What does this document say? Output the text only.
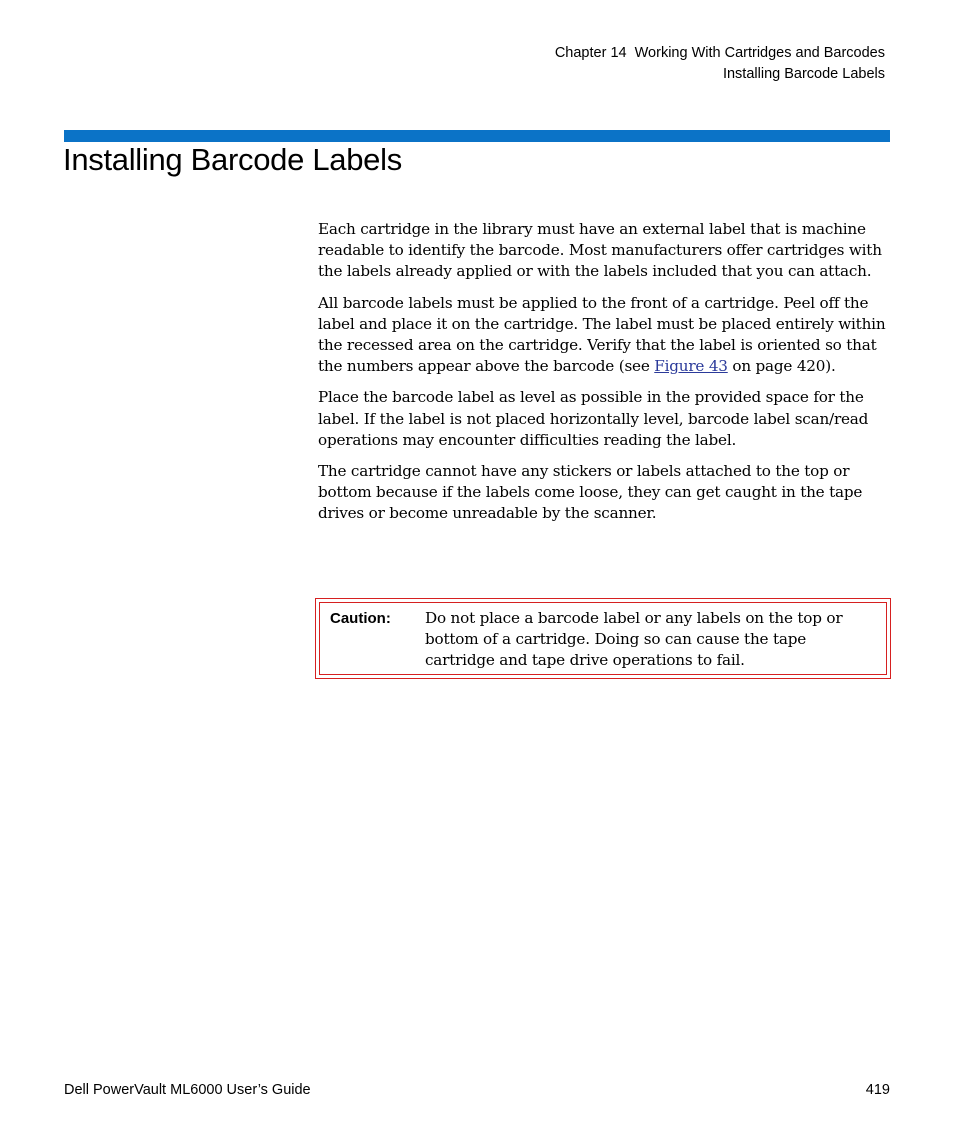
Chapter 14  Working With Cartridges and Barcodes
Installing Barcode Labels
Installing Barcode Labels

Each cartridge in the library must have an external label that is machine readable to identify the barcode. Most manufacturers offer cartridges with the labels already applied or with the labels included that you can attach.

All barcode labels must be applied to the front of a cartridge. Peel off the label and place it on the cartridge. The label must be placed entirely within the recessed area on the cartridge. Verify that the label is oriented so that the numbers appear above the barcode (see Figure 43 on page 420).

Place the barcode label as level as possible in the provided space for the label. If the label is not placed horizontally level, barcode label scan/read operations may encounter difficulties reading the label.

The cartridge cannot have any stickers or labels attached to the top or bottom because if the labels come loose, they can get caught in the tape drives or become unreadable by the scanner.

Caution: Do not place a barcode label or any labels on the top or bottom of a cartridge. Doing so can cause the tape cartridge and tape drive operations to fail.
Dell PowerVault ML6000 User’s Guide	419
